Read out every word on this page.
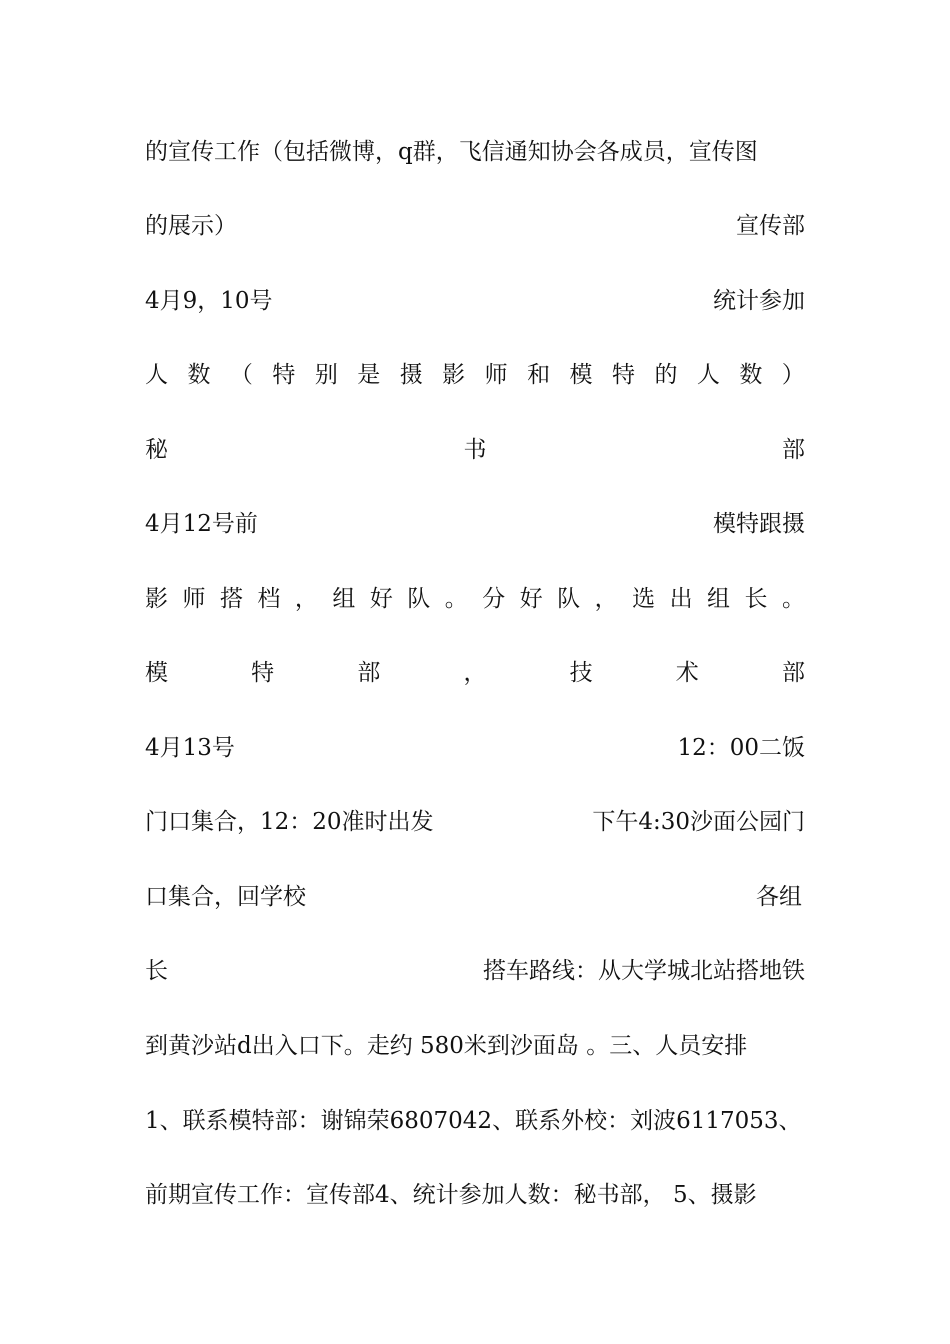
的宣传工作（包括微博，q群，飞信通知协会各成员，宣传图
的展示）	宣传部
4月9，10号	统计参加
人 数 （ 特 别 是 摄 影 师 和 模 特 的 人 数 ）
秘	书	部
4月12号前	模特跟摄
影 师 搭 档 ， 组 好 队 。 分 好 队 ， 选 出 组 长 。
模	特	部	，	技	术	部
4月13号	12：00二饭
门口集合，12：20准时出发	下午4:30沙面公园门
口集合，回学校	各组
长	搭车路线：从大学城北站搭地铁
到黄沙站d出入口下。走约 580米到沙面岛 。三、人员安排
1、联系模特部：谢锦荣6807042、联系外校：刘波6117053、
前期宣传工作：宣传部4、统计参加人数：秘书部， 5、摄影
